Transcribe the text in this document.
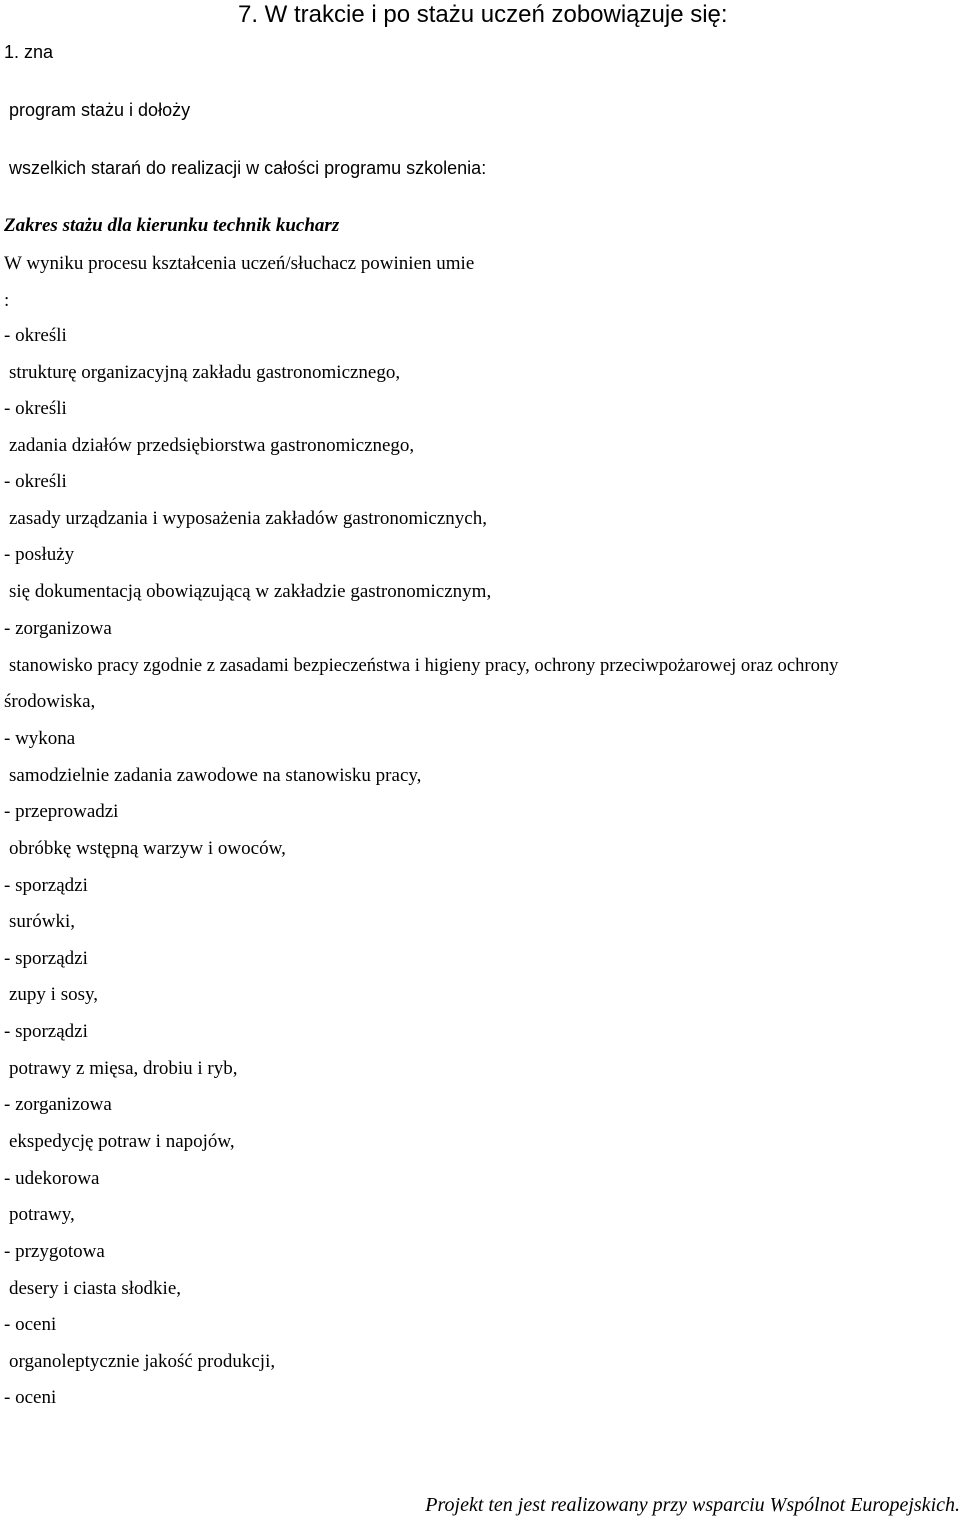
7. W trakcie i po stażu uczeń zobowiązuje się:
1. zna
program stażu i dołoży
wszelkich starań do realizacji w całości programu szkolenia:
Zakres stażu dla kierunku technik kucharz
W wyniku procesu kształcenia uczeń/słuchacz powinien umie
:
- określi
strukturę organizacyjną zakładu gastronomicznego,
- określi
zadania działów przedsiębiorstwa gastronomicznego,
- określi
zasady urządzania i wyposażenia zakładów gastronomicznych,
- posłuży
się dokumentacją obowiązującą w zakładzie gastronomicznym,
- zorganizowa
stanowisko pracy zgodnie z zasadami bezpieczeństwa i higieny pracy, ochrony przeciwpożarowej oraz ochrony
środowiska,
- wykona
samodzielnie zadania zawodowe na stanowisku pracy,
- przeprowadzi
obróbkę wstępną warzyw i owoców,
- sporządzi
surówki,
- sporządzi
zupy i sosy,
- sporządzi
potrawy z mięsa, drobiu i ryb,
- zorganizowa
ekspedycję potraw i napojów,
- udekorowa
potrawy,
- przygotowa
desery i ciasta słodkie,
- oceni
organoleptycznie jakość produkcji,
- oceni
Projekt ten jest realizowany przy wsparciu Wspólnot Europejskich.
